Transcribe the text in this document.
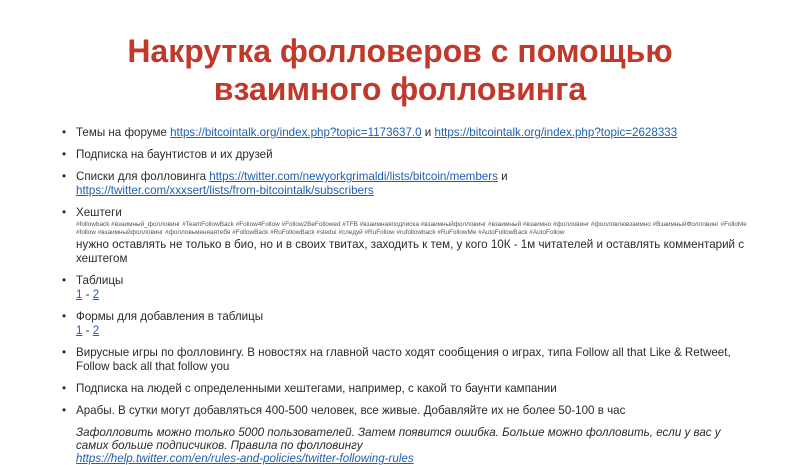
Накрутка фолловеров с помощью
взаимного фолловинга
• Темы на форуме https://bitcointalk.org/index.php?topic=1173637.0 и https://bitcointalk.org/index.php?topic=2628333
• Подписка на баунтистов и их друзей
• Списки для фолловинга https://twitter.com/newyorkgrimaldi/lists/bitcoin/members и
https://twitter.com/xxxsert/lists/from-bitcointalk/subscribers
• Хештеги
#followback #взаимный_фолловинг #TeamFollowBack #Follow4Follow #Follow2BeFollowed #TFB #взаимнаяподписка #взаимныйфолловинг #взаимный #взаимно #фолловинг #фолловлювзаимно #ВзаимныйФолловинг #FolloMe #follow #взаимныйфолловинг #фолловьменяаятебя #FollowBack #RuFollowBack #sledui #следуй #RuFollow #rufollowback #RuFollowMe #AutoFollowBack #AutoFollow
нужно оставлять не только в био, но и в своих твитах, заходить к тем, у кого 10К - 1м читателей и оставлять комментарий с хештегом
• Таблицы
1 - 2
• Формы для добавления в таблицы
1 - 2
• Вирусные игры по фолловингу. В новостях на главной часто ходят сообщения о играх, типа Follow all that Like & Retweet, Follow back all that follow you
• Подписка на людей с определенными хештегами, например, с какой то баунти кампании
• Арабы. В сутки могут добавляться 400-500 человек, все живые. Добавляйте их не более 50-100 в час
Зафолловить можно только 5000 пользователей. Затем появится ошибка. Больше можно фолловить, если у вас у самих больше подписчиков. Правила по фолловингу
https://help.twitter.com/en/rules-and-policies/twitter-following-rules
